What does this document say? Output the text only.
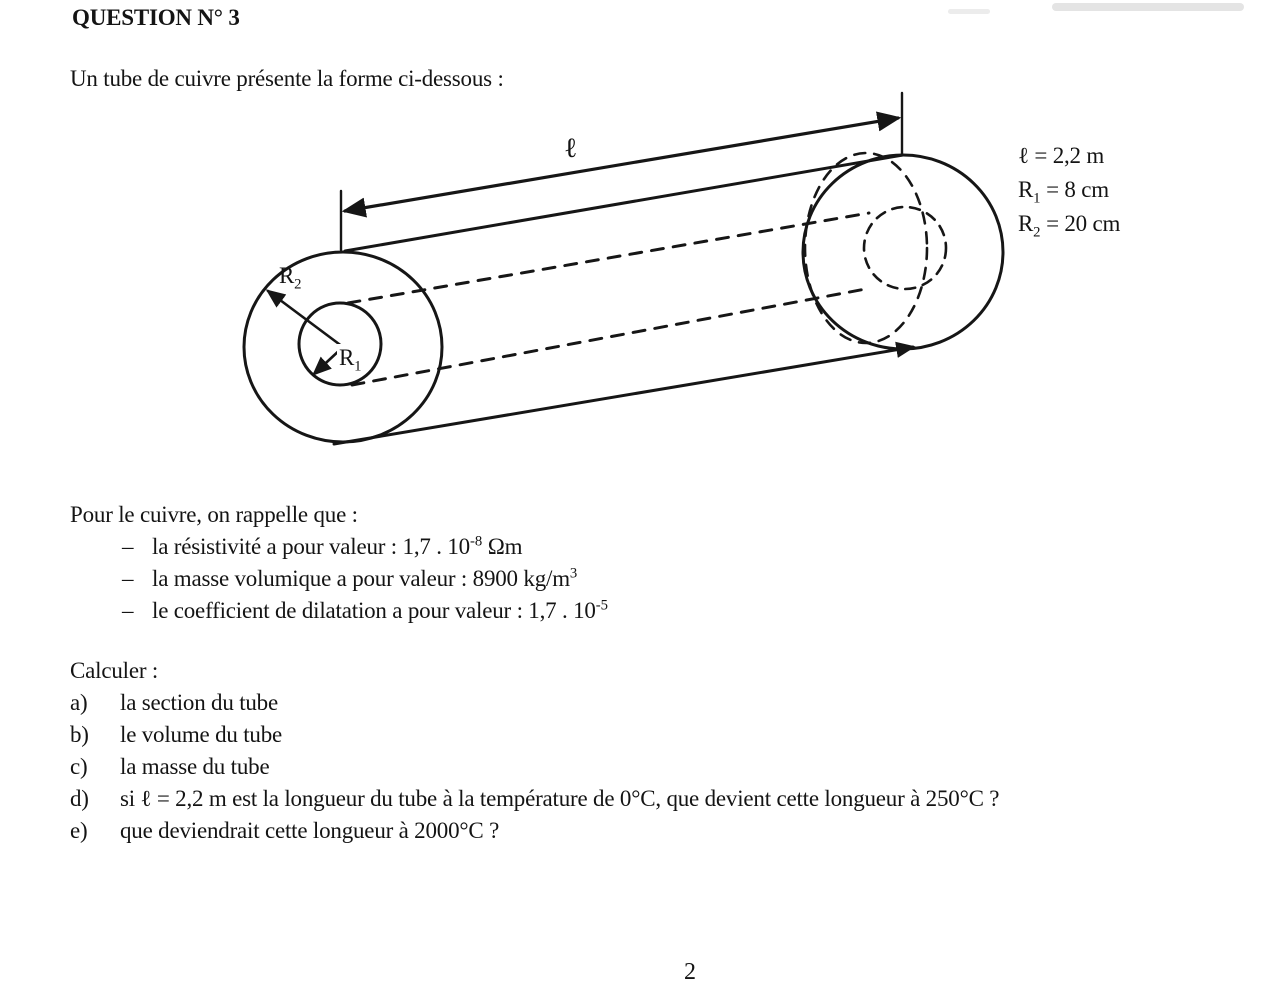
QUESTION N° 3
Un tube de cuivre présente la forme ci-dessous :
ℓ
$R_2$
$R_1$
ℓ = 2,2 m
$R_1 = 8$ cm
$R_2 = 20$ cm
Pour le cuivre, on rappelle que :
– la résistivité a pour valeur : 1,7 . $10^{-8}$ Ωm
– la masse volumique a pour valeur : 8900 $kg/m^3$
– le coefficient de dilatation a pour valeur : 1,7 . $10^{-5}$
Calculer :
a)	la section du tube
b)	le volume du tube
c)	la masse du tube
d)	si ℓ = 2,2 m est la longueur du tube à la température de 0°C, que devient cette longueur à 250°C ?
e)	que deviendrait cette longueur à 2000°C ?
2
